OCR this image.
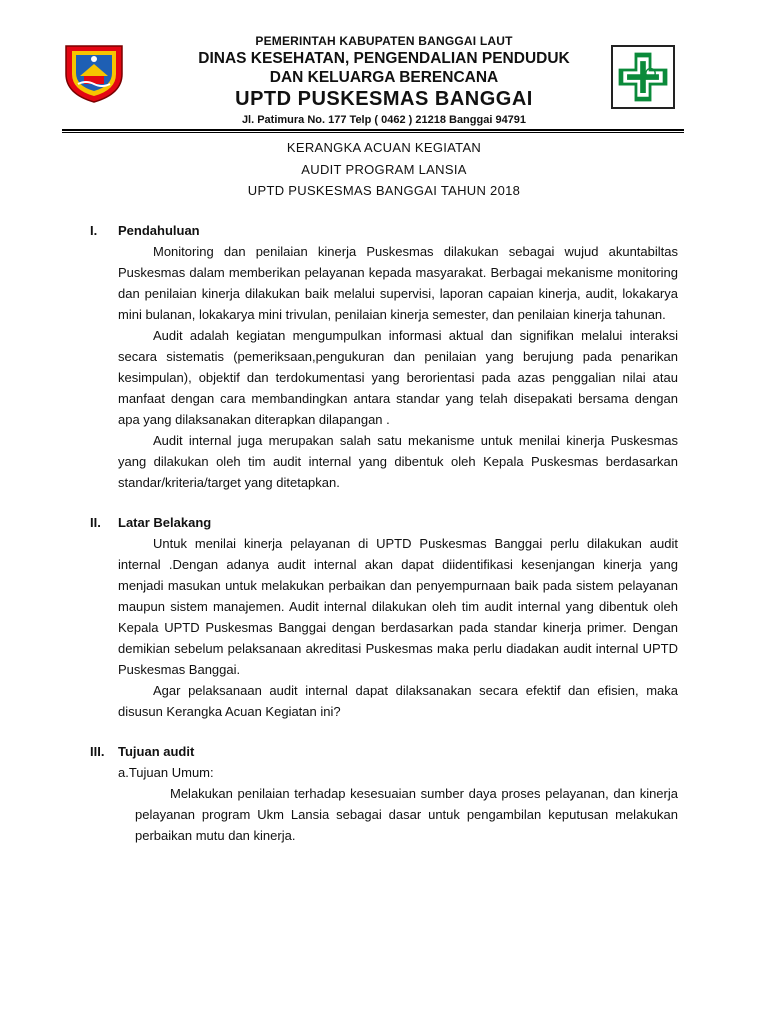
PEMERINTAH KABUPATEN BANGGAI LAUT
DINAS KESEHATAN, PENGENDALIAN PENDUDUK
DAN KELUARGA BERENCANA
UPTD PUSKESMAS BANGGAI
Jl. Patimura No. 177 Telp ( 0462 ) 21218 Banggai 94791
KERANGKA ACUAN KEGIATAN
AUDIT PROGRAM LANSIA
UPTD PUSKESMAS BANGGAI TAHUN 2018
I.	Pendahuluan

Monitoring dan penilaian kinerja Puskesmas dilakukan sebagai wujud akuntabiltas Puskesmas dalam memberikan pelayanan kepada masyarakat. Berbagai mekanisme monitoring dan penilaian kinerja dilakukan baik melalui supervisi, laporan capaian kinerja, audit, lokakarya mini bulanan, lokakarya mini trivulan, penilaian kinerja semester, dan penilaian kinerja tahunan.

Audit adalah kegiatan mengumpulkan informasi aktual dan signifikan melalui interaksi secara sistematis (pemeriksaan,pengukuran dan penilaian yang berujung pada penarikan kesimpulan), objektif dan terdokumentasi yang berorientasi pada azas penggalian nilai atau manfaat dengan cara membandingkan antara standar yang telah disepakati bersama dengan apa yang dilaksanakan diterapkan dilapangan .

Audit internal juga merupakan salah satu mekanisme untuk menilai kinerja Puskesmas yang dilakukan oleh tim audit internal yang dibentuk oleh Kepala Puskesmas berdasarkan standar/kriteria/target yang ditetapkan.

II.	Latar Belakang

Untuk menilai kinerja pelayanan di UPTD Puskesmas Banggai perlu dilakukan audit internal .Dengan adanya audit internal akan dapat diidentifikasi kesenjangan kinerja yang menjadi masukan untuk melakukan perbaikan dan penyempurnaan baik pada sistem pelayanan maupun sistem manajemen. Audit internal dilakukan oleh tim audit internal yang dibentuk oleh Kepala UPTD Puskesmas Banggai dengan berdasarkan pada standar kinerja primer. Dengan demikian sebelum pelaksanaan akreditasi Puskesmas maka perlu diadakan audit internal UPTD Puskesmas Banggai.

Agar pelaksanaan audit internal dapat dilaksanakan secara efektif dan efisien, maka disusun Kerangka Acuan Kegiatan ini?

III.	Tujuan audit
a.Tujuan Umum:

Melakukan penilaian terhadap kesesuaian sumber daya proses pelayanan, dan kinerja pelayanan program Ukm Lansia sebagai dasar untuk pengambilan keputusan melakukan perbaikan mutu dan kinerja.
